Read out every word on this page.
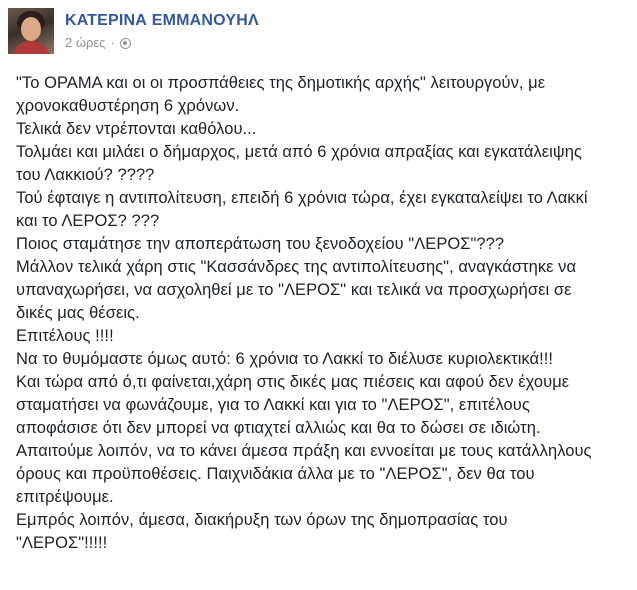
ΚΑΤΕΡΙΝΑ ΕΜΜΑΝΟΥΗΛ
2 ώρες ·
"Το ΟΡΑΜΑ και οι οι προσπάθειες της δημοτικής αρχής" λειτουργούν, με
χρονοκαθυστέρηση 6 χρόνων.
Τελικά δεν ντρέπονται καθόλου...
Τολμάει και μιλάει ο δήμαρχος, μετά από 6 χρόνια απραξίας και εγκατάλειψης
του Λακκιού? ????
Τού έφταιγε η αντιπολίτευση, επειδή 6 χρόνια τώρα, έχει εγκαταλείψει το Λακκί
και το ΛΕΡΟΣ? ???
Ποιος σταμάτησε την αποπεράτωση του ξενοδοχείου "ΛΕΡΟΣ"???
Μάλλον τελικά χάρη στις "Κασσάνδρες της αντιπολίτευσης", αναγκάστηκε να
υπαναχωρήσει, να ασχοληθεί με το "ΛΕΡΟΣ" και τελικά να προσχωρήσει σε
δικές μας θέσεις.
Επιτέλους !!!!
Να το θυμόμαστε όμως αυτό: 6 χρόνια το Λακκί το διέλυσε κυριολεκτικά!!!
Και τώρα από ό,τι φαίνεται,χάρη στις δικές μας πιέσεις και αφού δεν έχουμε
σταματήσει να φωνάζουμε, για το Λακκί και για το "ΛΕΡΟΣ", επιτέλους
αποφάσισε ότι δεν μπορεί να φτιαχτεί αλλιώς και θα το δώσει σε ιδιώτη.
Απαιτούμε λοιπόν, να το κάνει άμεσα πράξη και εννοείται με τους κατάλληλους
όρους και προϋποθέσεις. Παιχνιδάκια άλλα με το "ΛΕΡΟΣ", δεν θα του
επιτρέψουμε.
Εμπρός λοιπόν, άμεσα, διακήρυξη των όρων της δημοπρασίας του
"ΛΕΡΟΣ"!!!!!
